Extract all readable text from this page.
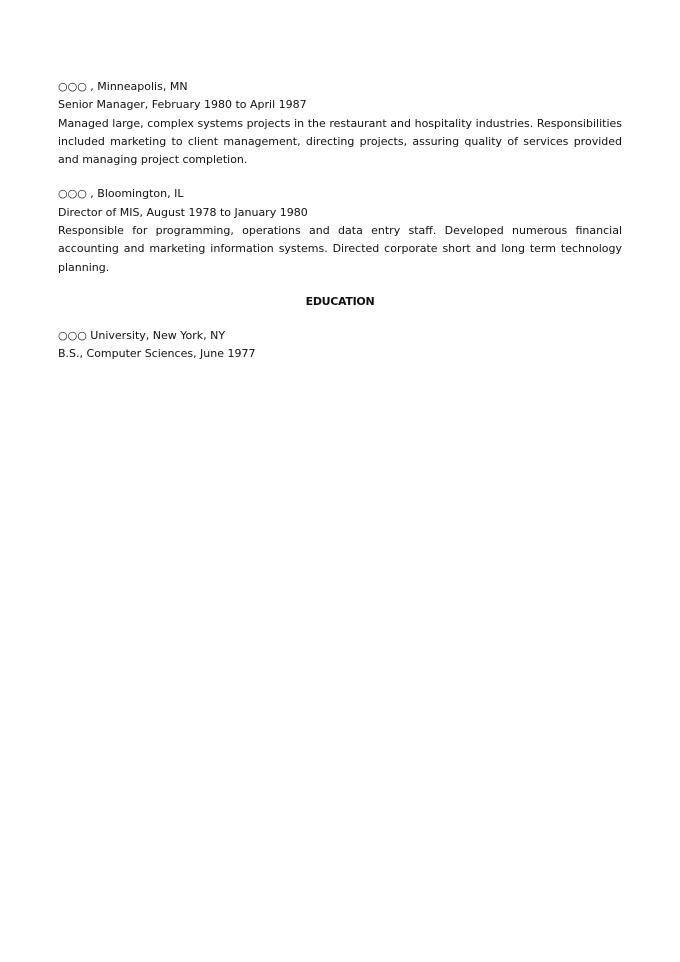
○○○ , Minneapolis, MN
Senior Manager, February 1980 to April 1987
Managed large, complex systems projects in the restaurant and hospitality industries. Responsibilities included marketing to client management, directing projects, assuring quality of services provided and managing project completion.
○○○ , Bloomington, IL
Director of MIS, August 1978 to January 1980
Responsible for programming, operations and data entry staff. Developed numerous financial accounting and marketing information systems. Directed corporate short and long term technology planning.
EDUCATION
○○○ University, New York, NY
B.S., Computer Sciences, June 1977
